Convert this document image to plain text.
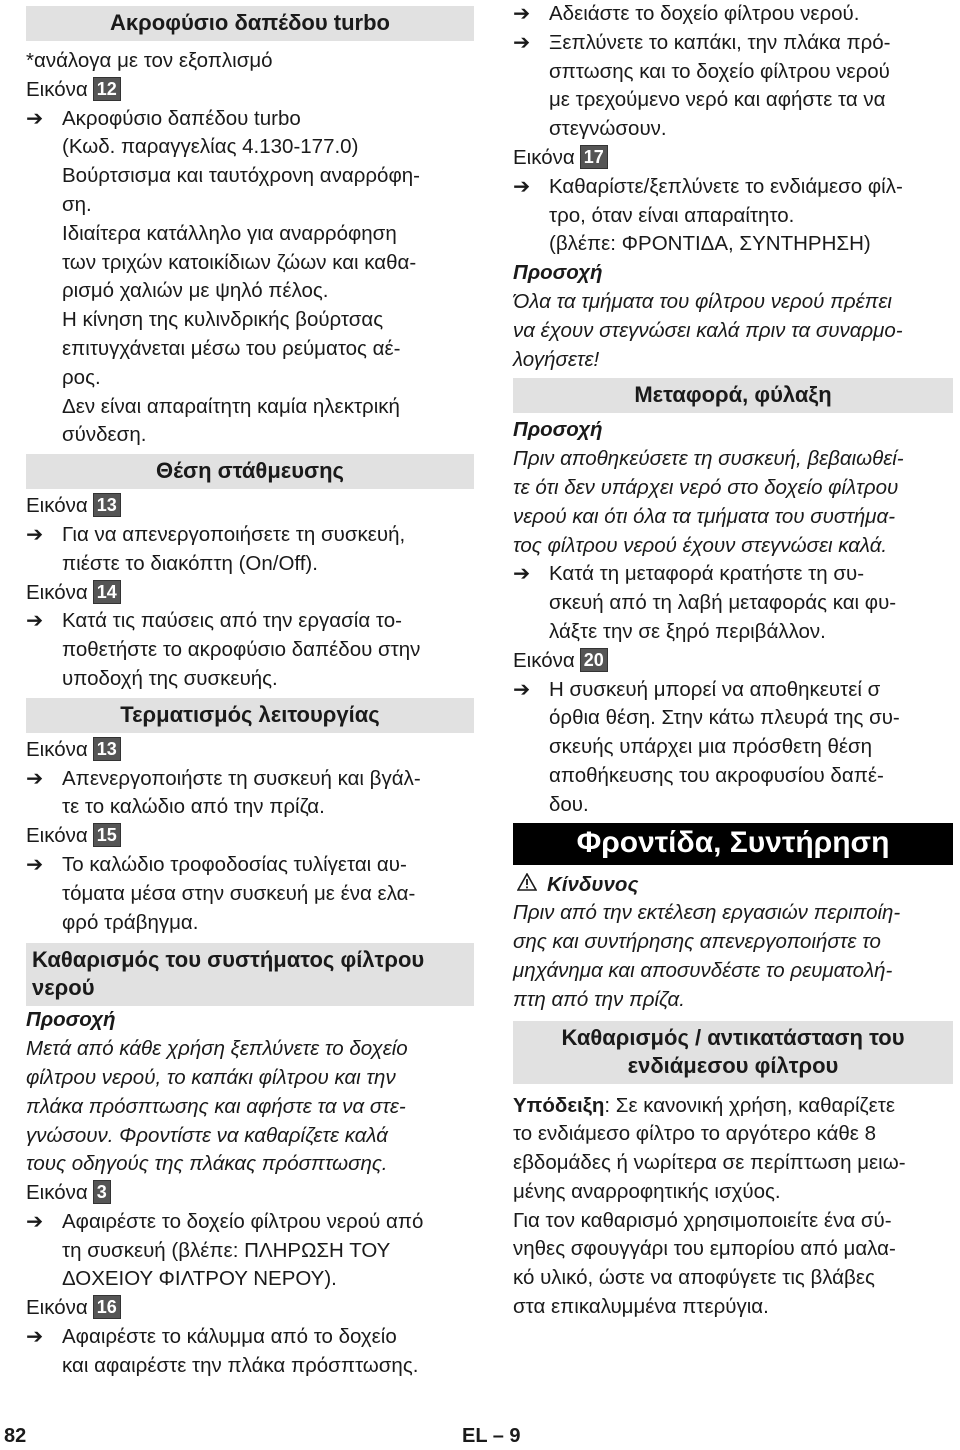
Ακροφύσιο δαπέδου turbo

*ανάλογα με τον εξοπλισμό

Εικόνα 12

➔ Ακροφύσιο δαπέδου turbo
(Κωδ. παραγγελίας 4.130-177.0)
Βούρτσισμα και ταυτόχρονη αναρρόφη-
ση.
Ιδιαίτερα κατάλληλο για αναρρόφηση
των τριχών κατοικίδιων ζώων και καθα-
ρισμό χαλιών με ψηλό πέλος.
Η κίνηση της κυλινδρικής βούρτσας
επιτυγχάνεται μέσω του ρεύματος αέ-
ρος.
Δεν είναι απαραίτητη καμία ηλεκτρική
σύνδεση.
Θέση στάθμευσης

Εικόνα 13

➔ Για να απενεργοποιήσετε τη συσκευή,
πιέστε το διακόπτη (On/Off).

Εικόνα 14

➔ Κατά τις παύσεις από την εργασία το-
ποθετήστε το ακροφύσιο δαπέδου στην
υποδοχή της συσκευής.
Τερματισμός λειτουργίας

Εικόνα 13

➔ Απενεργοποιήστε τη συσκευή και βγάλ-
τε το καλώδιο από την πρίζα.

Εικόνα 15

➔ Το καλώδιο τροφοδοσίας τυλίγεται αυ-
τόματα μέσα στην συσκευή με ένα ελα-
φρό τράβηγμα.
Καθαρισμός του συστήματος φίλτρου
νερού

Προσοχή

Μετά από κάθε χρήση ξεπλύνετε το δοχείο
φίλτρου νερού, το καπάκι φίλτρου και την
πλάκα πρόσπτωσης και αφήστε τα να στε-
γνώσουν. Φροντίστε να καθαρίζετε καλά
τους οδηγούς της πλάκας πρόσπτωσης.

Εικόνα 3

➔ Αφαιρέστε το δοχείο φίλτρου νερού από
τη συσκευή (βλέπε: ΠΛΗΡΩΣΗ ΤΟΥ
ΔΟΧΕΙΟΥ ΦΙΛΤΡΟΥ ΝΕΡΟΥ).

Εικόνα 16

➔ Αφαιρέστε το κάλυμμα από το δοχείο
και αφαιρέστε την πλάκα πρόσπτωσης.
➔ Αδειάστε το δοχείο φίλτρου νερού.
➔ Ξεπλύνετε το καπάκι, την πλάκα πρό-
σπτωσης και το δοχείο φίλτρου νερού
με τρεχούμενο νερό και αφήστε τα να
στεγνώσουν.

Εικόνα 17

➔ Καθαρίστε/ξεπλύνετε το ενδιάμεσο φίλ-
τρο, όταν είναι απαραίτητο.
(βλέπε: ΦΡΟΝΤΙΔΑ, ΣΥΝΤΗΡΗΣΗ)

Προσοχή

Όλα τα τμήματα του φίλτρου νερού πρέπει
να έχουν στεγνώσει καλά πριν τα συναρμο-
λογήσετε!
Μεταφορά, φύλαξη

Προσοχή

Πριν αποθηκεύσετε τη συσκευή, βεβαιωθεί-
τε ότι δεν υπάρχει νερό στο δοχείο φίλτρου
νερού και ότι όλα τα τμήματα του συστήμα-
τος φίλτρου νερού έχουν στεγνώσει καλά.
➔ Κατά τη μεταφορά κρατήστε τη συ-
σκευή από τη λαβή μεταφοράς και φυ-
λάξτε την σε ξηρό περιβάλλον.

Εικόνα 20

➔ Η συσκευή μπορεί να αποθηκευτεί σ
όρθια θέση. Στην κάτω πλευρά της συ-
σκευής υπάρχει μια πρόσθετη θέση
αποθήκευσης του ακροφυσίου δαπέ-
δου.
Φροντίδα, Συντήρηση

Κίνδυνος

Πριν από την εκτέλεση εργασιών περιποίη-
σης και συντήρησης απενεργοποιήστε το
μηχάνημα και αποσυνδέστε το ρευματολή-
πτη από την πρίζα.
Καθαρισμός / αντικατάσταση του
ενδιάμεσου φίλτρου
Υπόδειξη: Σε κανονική χρήση, καθαρίζετε
το ενδιάμεσο φίλτρο το αργότερο κάθε 8
εβδομάδες ή νωρίτερα σε περίπτωση μειω-
μένης αναρροφητικής ισχύος.
Για τον καθαρισμό χρησιμοποιείτε ένα σύ-
νηθες σφουγγάρι του εμπορίου από μαλα-
κό υλικό, ώστε να αποφύγετε τις βλάβες
στα επικαλυμμένα πτερύγια.
82	EL – 9
